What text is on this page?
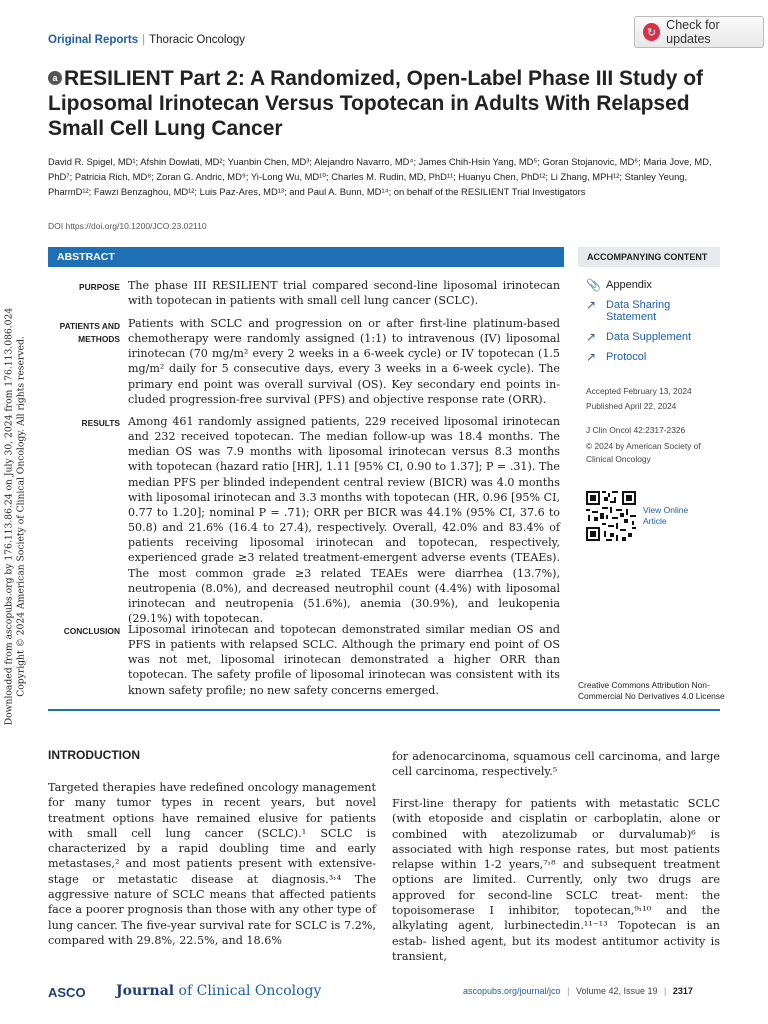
Original Reports | Thoracic Oncology
↻
Check for updates
a RESILIENT Part 2: A Randomized, Open-Label Phase III Study of Liposomal Irinotecan Versus Topotecan in Adults With Relapsed Small Cell Lung Cancer
David R. Spigel, MD¹; Afshin Dowlati, MD²; Yuanbin Chen, MD³; Alejandro Navarro, MD⁴; James Chih-Hsin Yang, MD⁵; Goran Stojanovic, MD⁶; Maria Jove, MD, PhD⁷; Patricia Rich, MD⁸; Zoran G. Andric, MD⁹; Yi-Long Wu, MD¹⁰; Charles M. Rudin, MD, PhD¹¹; Huanyu Chen, PhD¹²; Li Zhang, MPH¹²; Stanley Yeung, PharmD¹²; Fawzi Benzaghou, MD¹²; Luis Paz-Ares, MD¹³; and Paul A. Bunn, MD¹⁴; on behalf of the RESILIENT Trial Investigators
DOI https://doi.org/10.1200/JCO.23.02110
ABSTRACT	ACCOMPANYING CONTENT
PURPOSE The phase III RESILIENT trial compared second-line liposomal irinotecan with topotecan in patients with small cell lung cancer (SCLC).
PATIENTS AND
METHODS
Patients with SCLC and progression on or after first-line platinum-based chemotherapy were randomly assigned (1:1) to intravenous (IV) liposomal irinotecan (70 mg/m² every 2 weeks in a 6-week cycle) or IV topotecan (1.5 mg/m² daily for 5 consecutive days, every 3 weeks in a 6-week cycle). The primary end point was overall survival (OS). Key secondary end points in- cluded progression-free survival (PFS) and objective response rate (ORR).
RESULTS Among 461 randomly assigned patients, 229 received liposomal irinotecan and 232 received topotecan. The median follow-up was 18.4 months. The median OS was 7.9 months with liposomal irinotecan versus 8.3 months with topotecan (hazard ratio [HR], 1.11 [95% CI, 0.90 to 1.37]; P = .31). The median PFS per blinded independent central review (BICR) was 4.0 months with liposomal irinotecan and 3.3 months with topotecan (HR, 0.96 [95% CI, 0.77 to 1.20]; nominal P = .71); ORR per BICR was 44.1% (95% CI, 37.6 to 50.8) and 21.6% (16.4 to 27.4), respectively. Overall, 42.0% and 83.4% of patients receiving liposomal irinotecan and topotecan, respectively, experienced grade ≥3 related treatment-emergent adverse events (TEAEs). The most common grade ≥3 related TEAEs were diarrhea (13.7%), neutropenia (8.0%), and decreased neutrophil count (4.4%) with liposomal irinotecan and neutropenia (51.6%), anemia (30.9%), and leukopenia (29.1%) with topotecan.
CONCLUSION Liposomal irinotecan and topotecan demonstrated similar median OS and PFS in patients with relapsed SCLC. Although the primary end point of OS was not met, liposomal irinotecan demonstrated a higher ORR than topotecan. The safety profile of liposomal irinotecan was consistent with its known safety profile; no new safety concerns emerged.
📎 Appendix
↗ Data Sharing Statement
↗ Data Supplement
↗ Protocol
Accepted February 13, 2024
Published April 22, 2024
J Clin Oncol 42:2317-2326
© 2024 by American Society of Clinical Oncology
View Online Article
Creative Commons Attribution Non-Commercial No Derivatives 4.0 License
Downloaded from ascopubs.org by 176.113.86.24 on July 30, 2024 from 176.113.086.024 Copyright © 2024 American Society of Clinical Oncology. All rights reserved.
INTRODUCTION
Targeted therapies have redefined oncology management for many tumor types in recent years, but novel treatment options have remained elusive for patients with small cell lung cancer (SCLC).¹ SCLC is characterized by a rapid doubling time and early metastases,² and most patients present with extensive-stage or metastatic disease at diagnosis.³˒⁴ The aggressive nature of SCLC means that affected patients face a poorer prognosis than those with any other type of lung cancer. The five-year survival rate for SCLC is 7.2%, compared with 29.8%, 22.5%, and 18.6%
for adenocarcinoma, squamous cell carcinoma, and large cell carcinoma, respectively.⁵
First-line therapy for patients with metastatic SCLC (with etoposide and cisplatin or carboplatin, alone or combined with atezolizumab or durvalumab)⁶ is associated with high response rates, but most patients relapse within 1-2 years,⁷˒⁸ and subsequent treatment options are limited. Currently, only two drugs are approved for second-line SCLC treat- ment: the topoisomerase I inhibitor, topotecan,⁹˒¹⁰ and the alkylating agent, lurbinectedin.¹¹⁻¹³ Topotecan is an estab- lished agent, but its modest antitumor activity is transient,
ASCO Journal of Clinical Oncology	ascopubs.org/journal/jco | Volume 42, Issue 19 | 2317
